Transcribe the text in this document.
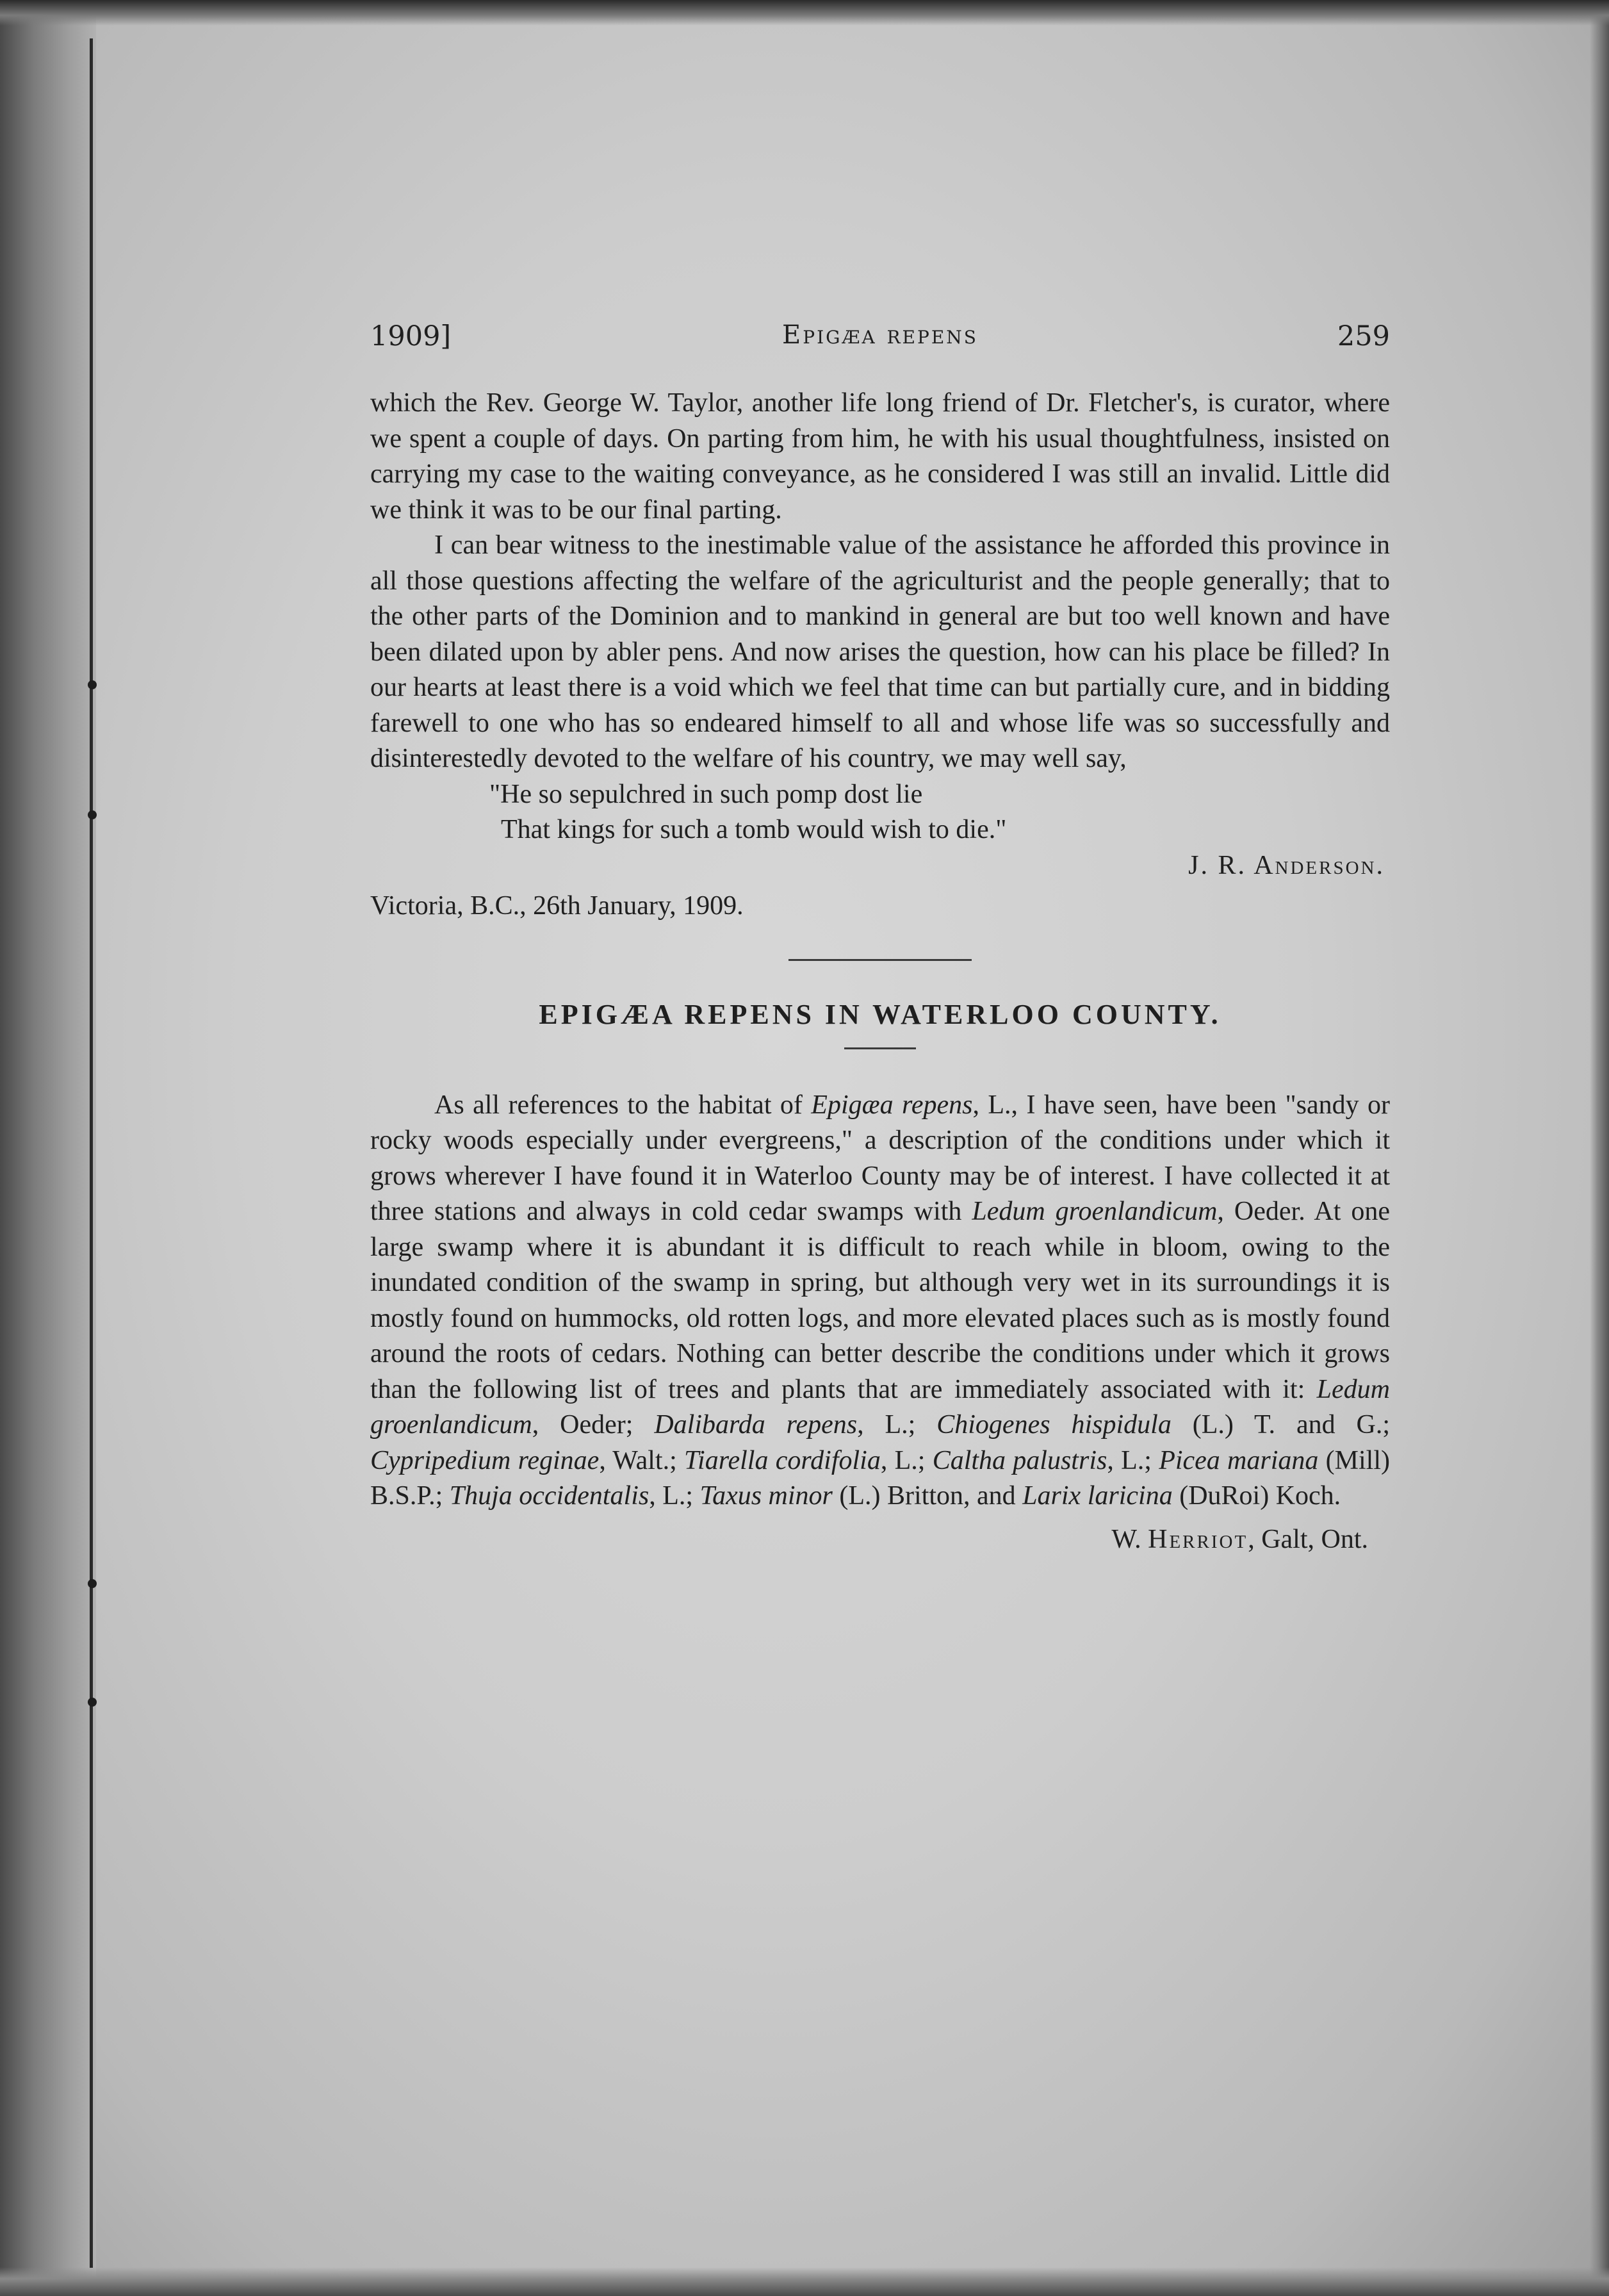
1909]	Epigæa repens	259

which the Rev. George W. Taylor, another life long friend of Dr. Fletcher's, is curator, where we spent a couple of days. On parting from him, he with his usual thoughtfulness, insisted on carrying my case to the waiting conveyance, as he considered I was still an invalid. Little did we think it was to be our final parting.

I can bear witness to the inestimable value of the assistance he afforded this province in all those questions affecting the welfare of the agriculturist and the people generally; that to the other parts of the Dominion and to mankind in general are but too well known and have been dilated upon by abler pens. And now arises the question, how can his place be filled? In our hearts at least there is a void which we feel that time can but partially cure, and in bidding farewell to one who has so endeared himself to all and whose life was so successfully and disinterestedly devoted to the welfare of his country, we may well say,

"He so sepulchred in such pomp dost lie

That kings for such a tomb would wish to die."

J. R. Anderson.

Victoria, B.C., 26th January, 1909.

EPIGÆA REPENS IN WATERLOO COUNTY.

As all references to the habitat of Epigæa repens, L., I have seen, have been "sandy or rocky woods especially under evergreens," a description of the conditions under which it grows wherever I have found it in Waterloo County may be of interest. I have collected it at three stations and always in cold cedar swamps with Ledum groenlandicum, Oeder. At one large swamp where it is abundant it is difficult to reach while in bloom, owing to the inundated condition of the swamp in spring, but although very wet in its surroundings it is mostly found on hummocks, old rotten logs, and more elevated places such as is mostly found around the roots of cedars. Nothing can better describe the conditions under which it grows than the following list of trees and plants that are immediately associated with it: Ledum groenlandicum, Oeder; Dalibarda repens, L.; Chiogenes hispidula (L.) T. and G.; Cypripedium reginae, Walt.; Tiarella cordifolia, L.; Caltha palustris, L.; Picea mariana (Mill) B.S.P.; Thuja occidentalis, L.; Taxus minor (L.) Britton, and Larix laricina (DuRoi) Koch.

W. Herriot, Galt, Ont.
